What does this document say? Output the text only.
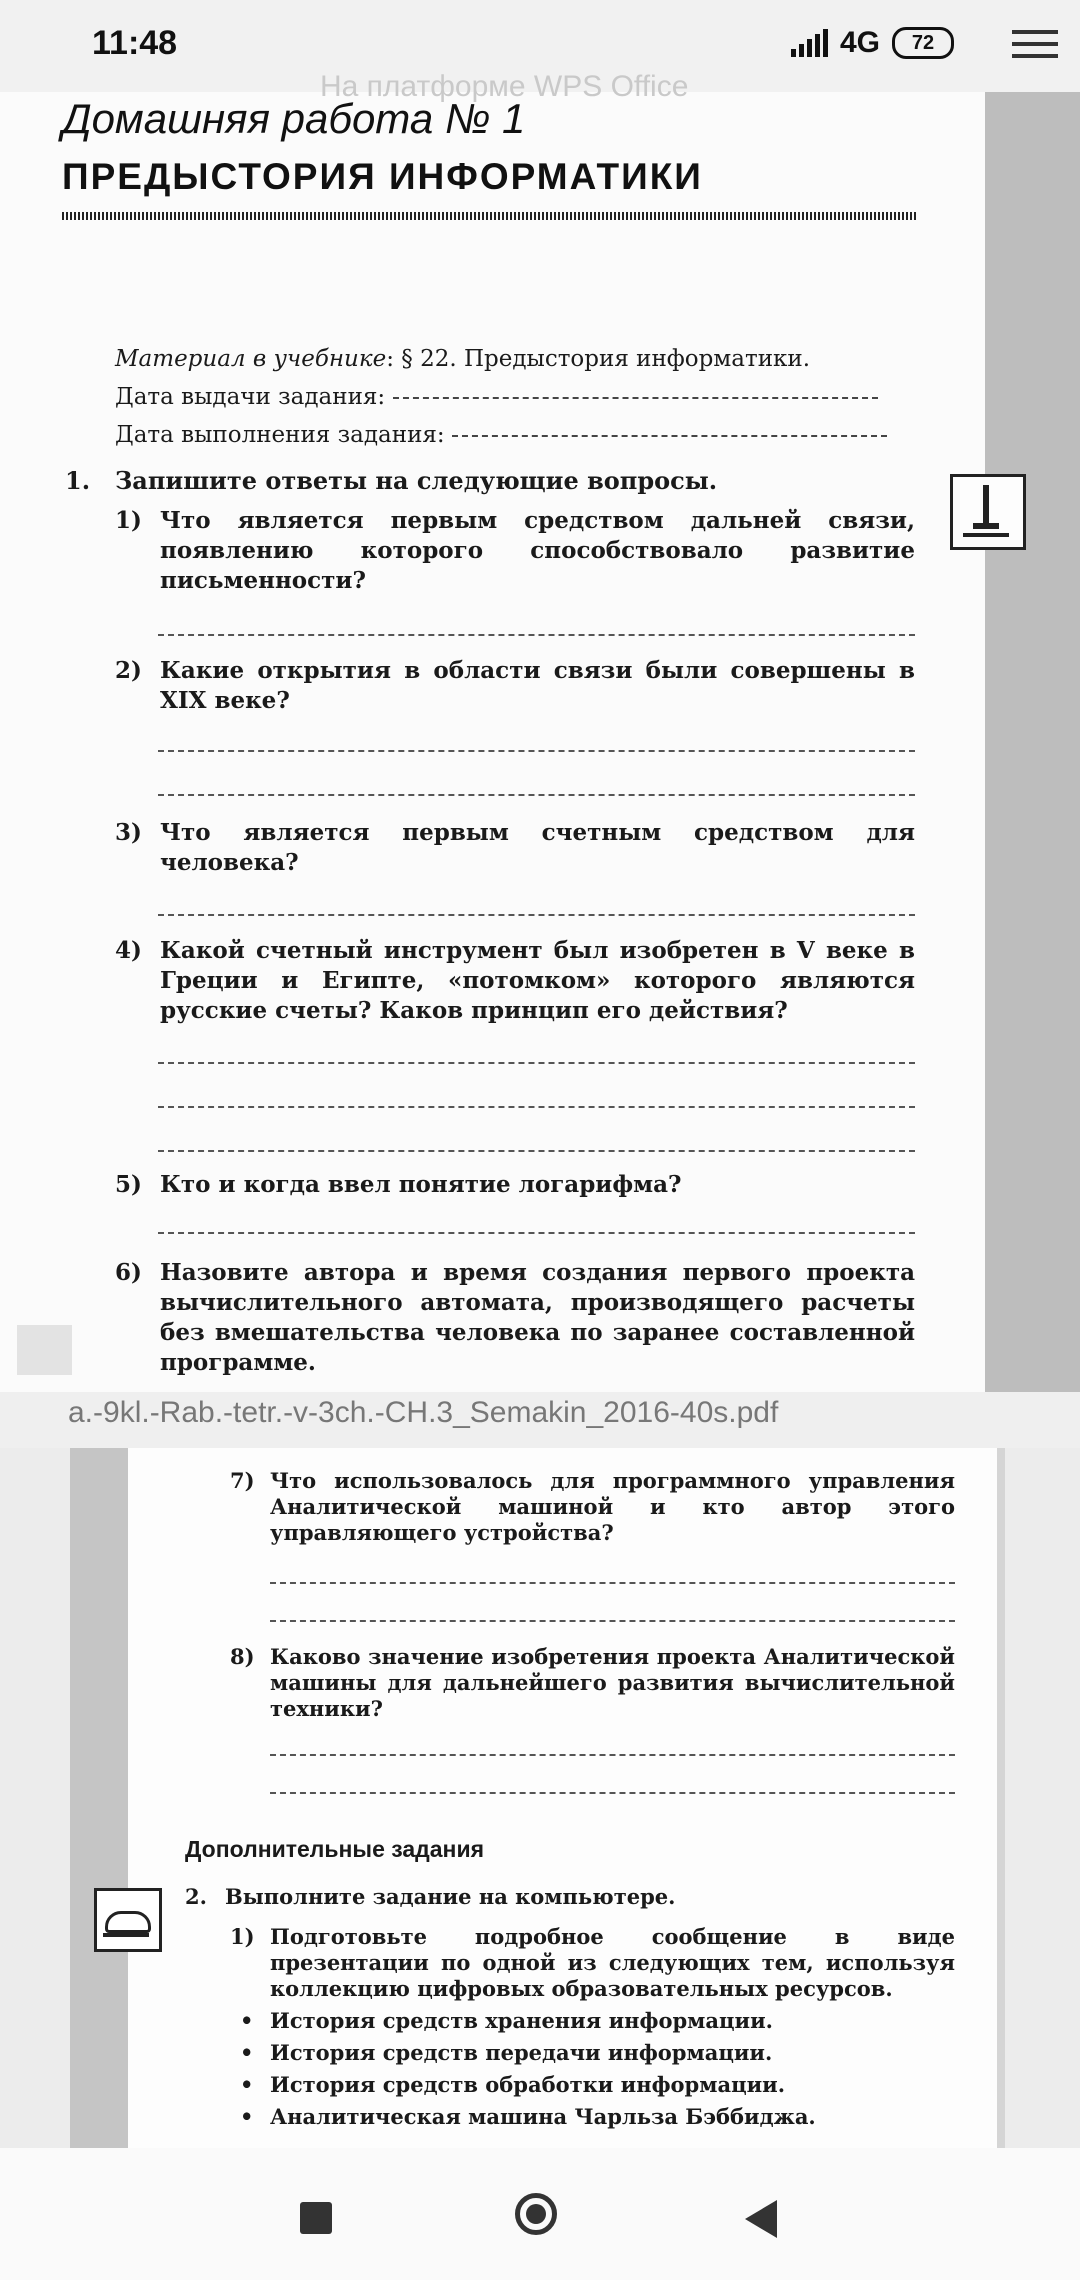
11:48	4G 72
Домашняя работа № 1
ПРЕДЫСТОРИЯ ИНФОРМАТИКИ
Материал в учебнике: § 22. Предыстория информатики.
Дата выдачи задания:
Дата выполнения задания:
1. Запишите ответы на следующие вопросы.
1) Что является первым средством дальней связи, появлению которого способствовало развитие письменности?
2) Какие открытия в области связи были совершены в XIX веке?
3) Что является первым счетным средством для человека?
4) Какой счетный инструмент был изобретен в V веке в Греции и Египте, «потомком» которого являются русские счеты? Каков принцип его действия?
5) Кто и когда ввел понятие логарифма?
6) Назовите автора и время создания первого проекта вычислительного автомата, производящего расчеты без вмешательства человека по заранее составленной программе.
На платформе WPS Office
a.-9kl.-Rab.-tetr.-v-3ch.-CH.3_Semakin_2016-40s.pdf
7) Что использовалось для программного управления Аналитической машиной и кто автор этого управляющего устройства?
8) Каково значение изобретения проекта Аналитической машины для дальнейшего развития вычислительной техники?
Дополнительные задания
2. Выполните задание на компьютере.
1) Подготовьте подробное сообщение в виде презентации по одной из следующих тем, используя коллекцию цифровых образовательных ресурсов.
• История средств хранения информации.
• История средств передачи информации.
• История средств обработки информации.
• Аналитическая машина Чарльза Бэббиджа.
